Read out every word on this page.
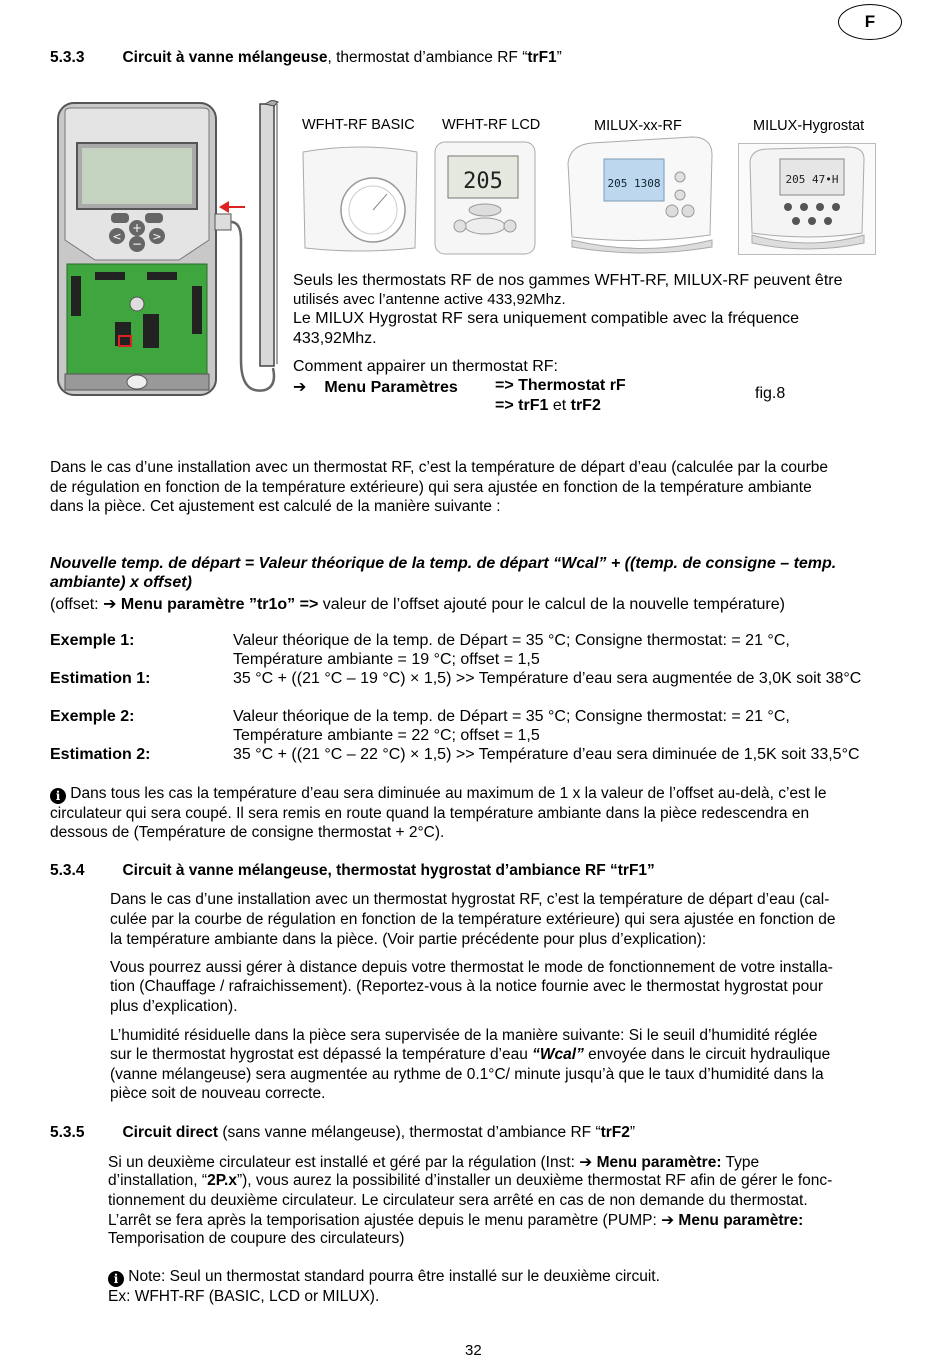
F
5.3.3 Circuit à vanne mélangeuse, thermostat d’ambiance RF “trF1”
+
−
<	>
WFHT-RF BASIC WFHT-RF LCD	MILUX-xx-RF	MILUX-Hygrostat
205	205 1308	205 47•H
Seuls les thermostats RF de nos gammes WFHT-RF, MILUX-RF peuvent être
utilisés avec l’antenne active 433,92Mhz.
Le MILUX Hygrostat RF sera uniquement compatible avec la fréquence
433,92Mhz.
Comment appairer un thermostat RF:
➔ Menu Paramètres => Thermostat rF
=> trF1 et trF2
fig.8
Dans le cas d’une installation avec un thermostat RF, c’est la température de départ d’eau (calculée par la courbe
de régulation en fonction de la température extérieure) qui sera ajustée en fonction de la température ambiante
dans la pièce. Cet ajustement est calculé de la manière suivante :
Nouvelle temp. de départ = Valeur théorique de la temp. de départ “Wcal” + ((temp. de consigne – temp.
ambiante) x offset)
(offset: ➔ Menu paramètre ”tr1o” => valeur de l’offset ajouté pour le calcul de la nouvelle température)
Exemple 1:	Valeur théorique de la temp. de Départ = 35 °C; Consigne thermostat: = 21 °C,
Température ambiante = 19 °C; offset = 1,5
Estimation 1:	35 °C + ((21 °C – 19 °C) × 1,5) >> Température d’eau sera augmentée de 3,0K soit 38°C
Exemple 2:	Valeur théorique de la temp. de Départ = 35 °C; Consigne thermostat: = 21 °C,
Température ambiante = 22 °C; offset = 1,5
Estimation 2:	35 °C + ((21 °C – 22 °C) × 1,5) >> Température d’eau sera diminuée de 1,5K soit 33,5°C
i Dans tous les cas la température d’eau sera diminuée au maximum de 1 x la valeur de l’offset au-delà, c’est le
circulateur qui sera coupé. Il sera remis en route quand la température ambiante dans la pièce redescendra en
dessous de (Température de consigne thermostat + 2°C).
5.3.4 Circuit à vanne mélangeuse, thermostat hygrostat d’ambiance RF “trF1”
Dans le cas d’une installation avec un thermostat hygrostat RF, c’est la température de départ d’eau (cal-
culée par la courbe de régulation en fonction de la température extérieure) qui sera ajustée en fonction de
la température ambiante dans la pièce. (Voir partie précédente pour plus d’explication):
Vous pourrez aussi gérer à distance depuis votre thermostat le mode de fonctionnement de votre installa-
tion (Chauffage / rafraichissement). (Reportez-vous à la notice fournie avec le thermostat hygrostat pour
plus d’explication).
L’humidité résiduelle dans la pièce sera supervisée de la manière suivante: Si le seuil d’humidité réglée
sur le thermostat hygrostat est dépassé la température d’eau “Wcal” envoyée dans le circuit hydraulique
(vanne mélangeuse) sera augmentée au rythme de 0.1°C/ minute jusqu’à que le taux d’humidité dans la
pièce soit de nouveau correcte.
5.3.5 Circuit direct (sans vanne mélangeuse), thermostat d’ambiance RF “trF2”
Si un deuxième circulateur est installé et géré par la régulation (Inst: ➔ Menu paramètre: Type
d’installation, “2P.x”), vous aurez la possibilité d’installer un deuxième thermostat RF afin de gérer le fonc-
tionnement du deuxième circulateur. Le circulateur sera arrêté en cas de non demande du thermostat.
L’arrêt se fera après la temporisation ajustée depuis le menu paramètre (PUMP: ➔ Menu paramètre:
Temporisation de coupure des circulateurs)
i Note: Seul un thermostat standard pourra être installé sur le deuxième circuit.
Ex: WFHT-RF (BASIC, LCD or MILUX).
32
